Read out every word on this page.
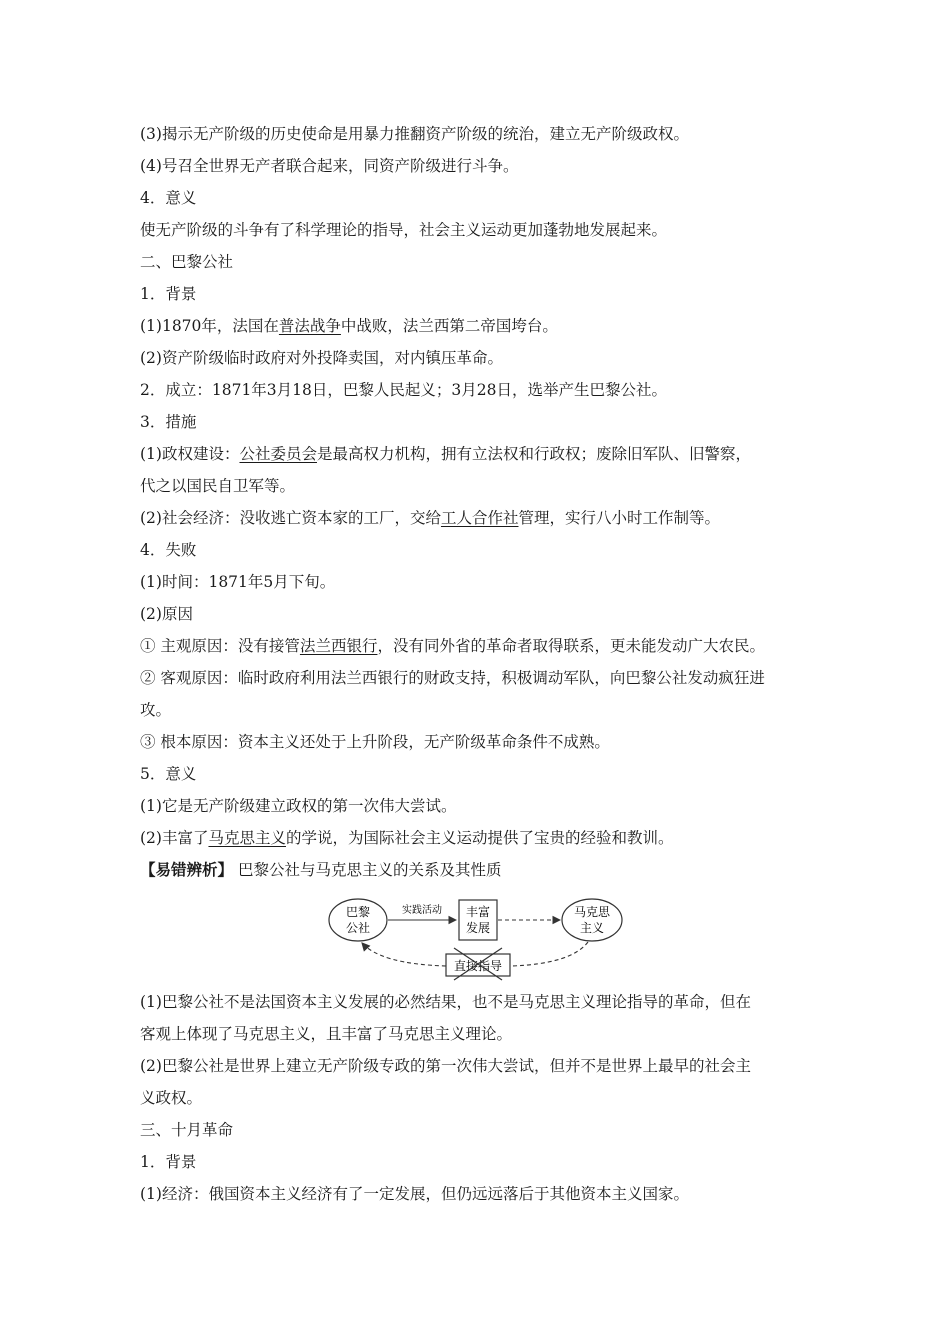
(3)揭示无产阶级的历史使命是用暴力推翻资产阶级的统治，建立无产阶级政权。
(4)号召全世界无产者联合起来，同资产阶级进行斗争。
4．意义
使无产阶级的斗争有了科学理论的指导，社会主义运动更加蓬勃地发展起来。
二、巴黎公社
1．背景
(1)1870年，法国在普法战争中战败，法兰西第二帝国垮台。
(2)资产阶级临时政府对外投降卖国，对内镇压革命。
2．成立：1871年3月18日，巴黎人民起义；3月28日，选举产生巴黎公社。
3．措施
(1)政权建设：公社委员会是最高权力机构，拥有立法权和行政权；废除旧军队、旧警察，
代之以国民自卫军等。
(2)社会经济：没收逃亡资本家的工厂，交给工人合作社管理，实行八小时工作制等。
4．失败
(1)时间：1871年5月下旬。
(2)原因
① 主观原因：没有接管法兰西银行，没有同外省的革命者取得联系，更未能发动广大农民。
② 客观原因：临时政府利用法兰西银行的财政支持，积极调动军队，向巴黎公社发动疯狂进
攻。
③ 根本原因：资本主义还处于上升阶段，无产阶级革命条件不成熟。
5．意义
(1)它是无产阶级建立政权的第一次伟大尝试。
(2)丰富了马克思主义的学说，为国际社会主义运动提供了宝贵的经验和教训。
【易错辨析】 巴黎公社与马克思主义的关系及其性质
巴黎
公社
实践活动 丰富
发展
马克思
主义
直接指导
(1)巴黎公社不是法国资本主义发展的必然结果，也不是马克思主义理论指导的革命，但在
客观上体现了马克思主义，且丰富了马克思主义理论。
(2)巴黎公社是世界上建立无产阶级专政的第一次伟大尝试，但并不是世界上最早的社会主
义政权。
三、十月革命
1．背景
(1)经济：俄国资本主义经济有了一定发展，但仍远远落后于其他资本主义国家。
